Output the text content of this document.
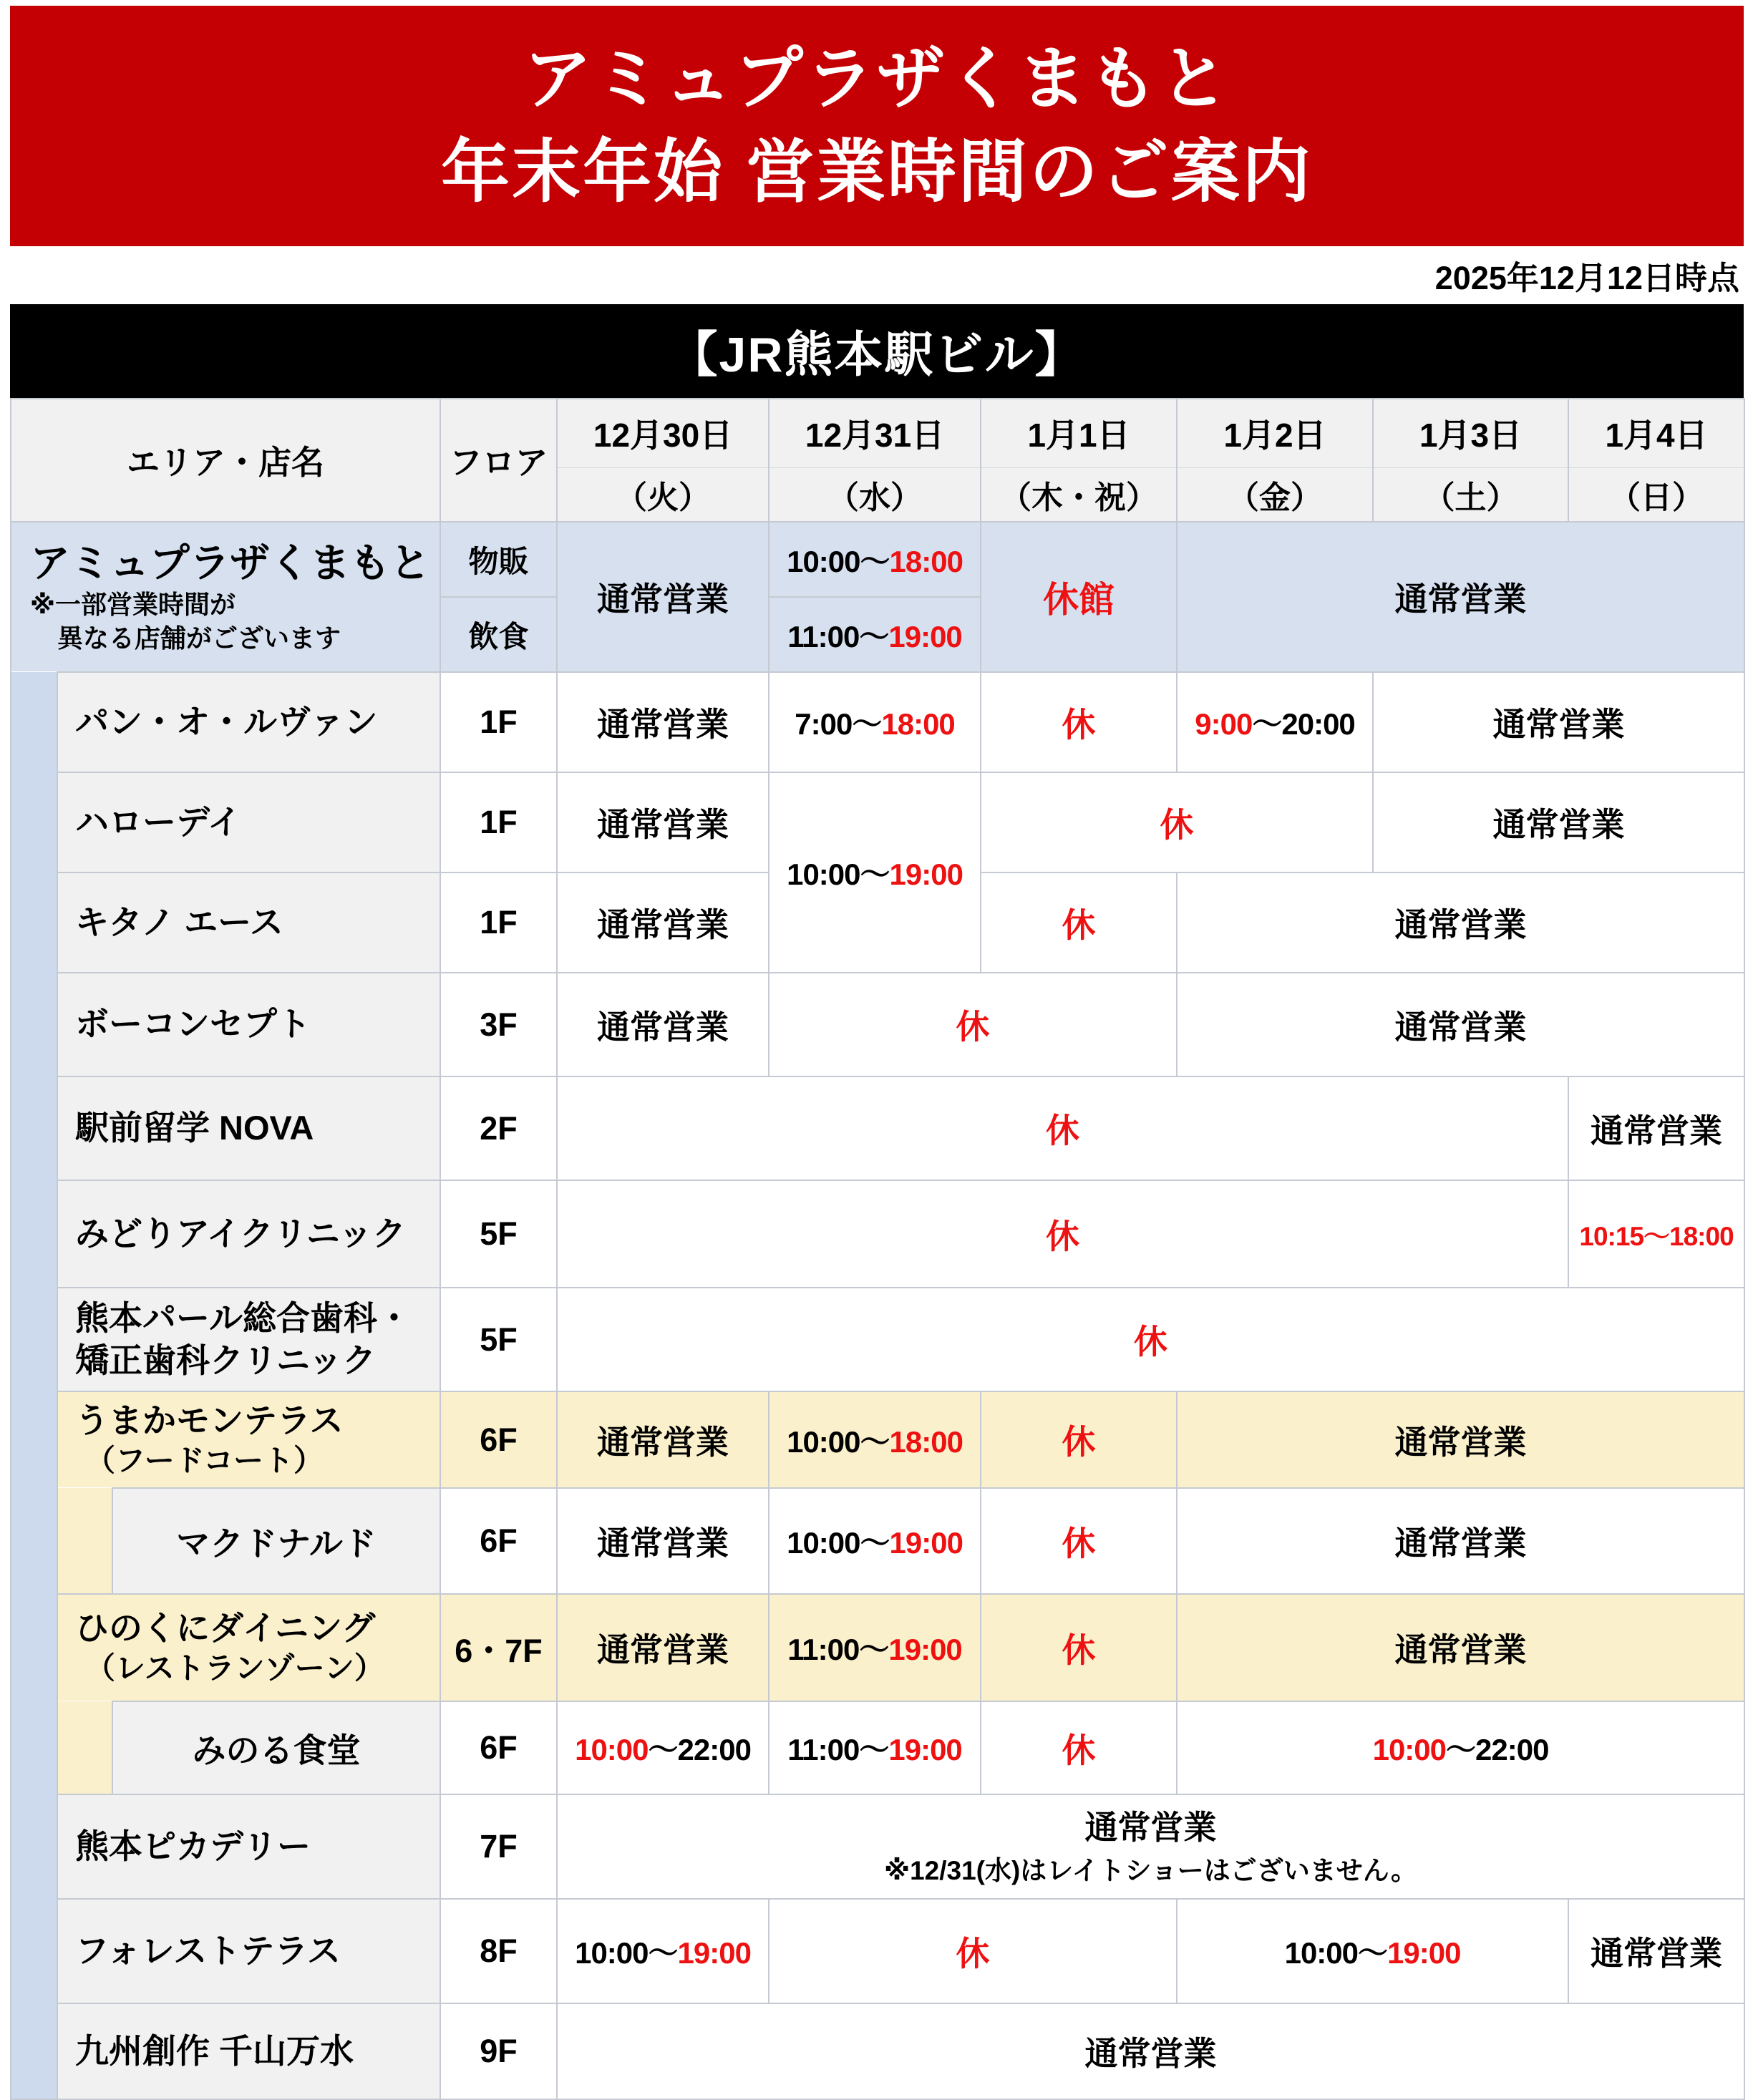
アミュプラザくまもと
年末年始 営業時間のご案内
2025年12月12日時点
【JR熊本駅ビル】
エリア・店名			フロア	12月30日	12月31日	1月1日	1月2日	1月3日	1月4日
				（火）	（水）	（木・祝）	（金）	（土）	（日）

アミュプラザくまもと
※一部営業時間が
異なる店舗がございます			物販	通常営業	10:00〜18:00	休館	通常営業		
			飲食		11:00〜19:00				
	パン・オ・ルヴァン		1F	通常営業	7:00〜18:00	休	9:00〜20:00	通常営業	
	ハローデイ		1F	通常営業	10:00〜19:00	休		通常営業	
	キタノ エース		1F	通常営業		休	通常営業		
	ボーコンセプト		3F	通常営業	休		通常営業		
	駅前留学 NOVA		2F	休					通常営業
	みどりアイクリニック		5F	休					10:15〜18:00

	熊本パール総合歯科・
矯正歯科クリニック		5F	休					

	うまかモンテラス
（フードコート）		6F	通常営業	10:00〜18:00	休	通常営業		
		マクドナルド	6F	通常営業	10:00〜19:00	休	通常営業		

	ひのくにダイニング
（レストランゾーン）		6・7F	通常営業	11:00〜19:00	休	通常営業		
		みのる食堂	6F	10:00〜22:00	11:00〜19:00	休	10:00〜22:00		
	熊本ピカデリー		7F	通常営業
※12/31(水)はレイトショーはございません。					

	フォレストテラス		8F	10:00〜19:00	休		10:00〜19:00		通常営業
	九州創作 千山万水		9F	通常営業					
